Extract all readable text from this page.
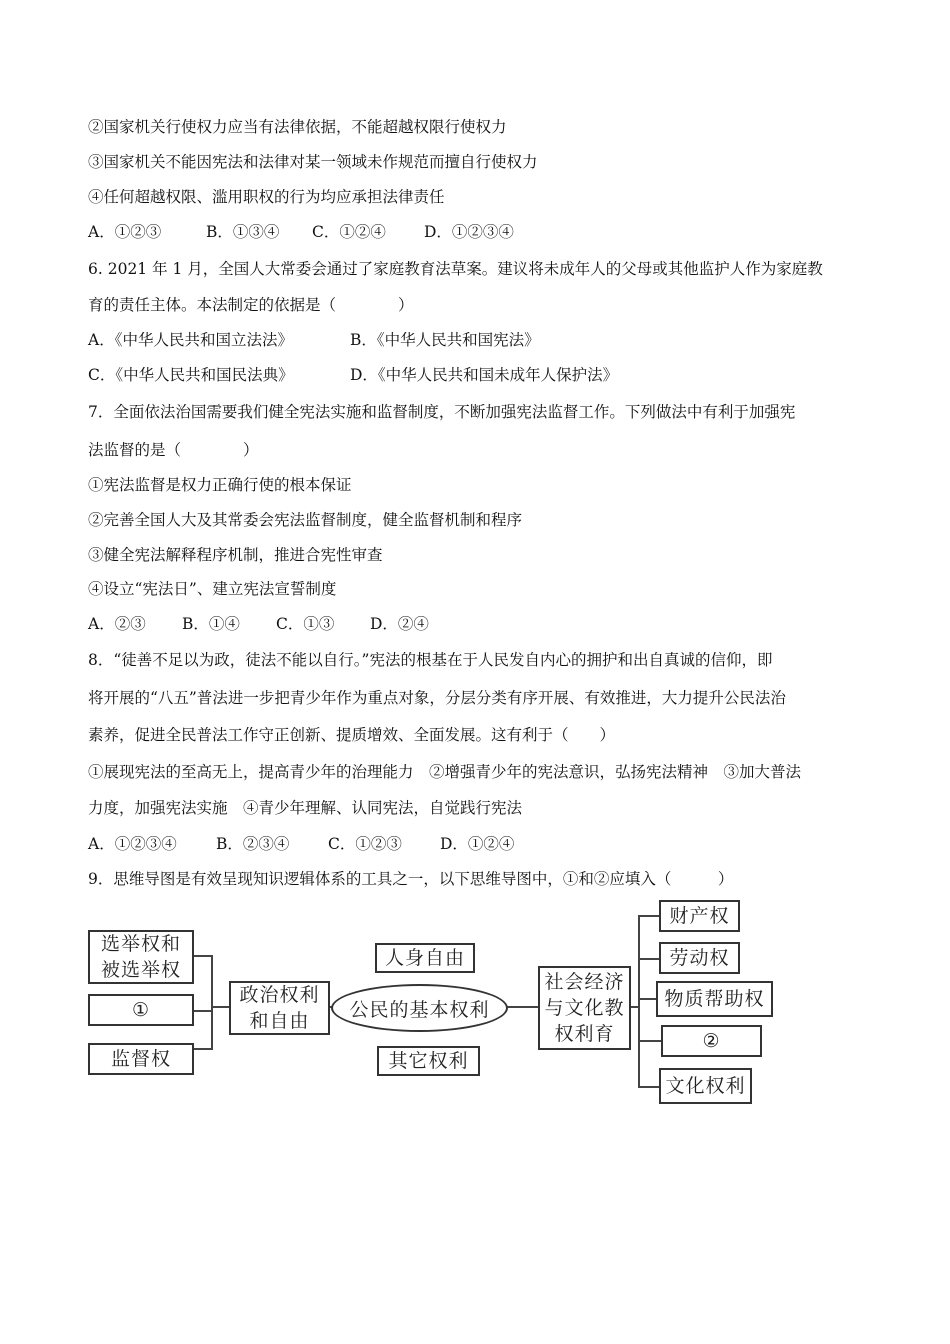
②国家机关行使权力应当有法律依据，不能超越权限行使权力
③国家机关不能因宪法和法律对某一领域未作规范而擅自行使权力
④任何超越权限、滥用职权的行为均应承担法律责任
A．①②③	B．①③④ C．①②④ D．①②③④
6. 2021 年 1 月，全国人大常委会通过了家庭教育法草案。建议将未成年人的父母或其他监护人作为家庭教
育的责任主体。本法制定的依据是（　　　　）
A．《中华人民共和国立法法》	B．《中华人民共和国宪法》
C．《中华人民共和国民法典》	D．《中华人民共和国未成年人保护法》
7．全面依法治国需要我们健全宪法实施和监督制度，不断加强宪法监督工作。下列做法中有利于加强宪
法监督的是（　　　　）
①宪法监督是权力正确行使的根本保证
②完善全国人大及其常委会宪法监督制度，健全监督机制和程序
③健全宪法解释程序机制，推进合宪性审查
④设立“宪法日”、建立宪法宣誓制度
A．②③ B．①④ C．①③ D．②④
8．“徒善不足以为政，徒法不能以自行。”宪法的根基在于人民发自内心的拥护和出自真诚的信仰，即
将开展的“八五”普法进一步把青少年作为重点对象，分层分类有序开展、有效推进，大力提升公民法治
素养，促进全民普法工作守正创新、提质增效、全面发展。这有利于（　　）
①展现宪法的至高无上，提高青少年的治理能力　②增强青少年的宪法意识，弘扬宪法精神　③加大普法
力度，加强宪法实施　④青少年理解、认同宪法，自觉践行宪法
A．①②③④	B．②③④ C．①②③ D．①②④
9．思维导图是有效呈现知识逻辑体系的工具之一，以下思维导图中，①和②应填入（　　　）
选举权和被选举权
①
监督权
政治权利和自由
人身自由
公民的基本权利
其它权利
社会经济与文化教权利育
财产权
劳动权
物质帮助权
②
文化权利
